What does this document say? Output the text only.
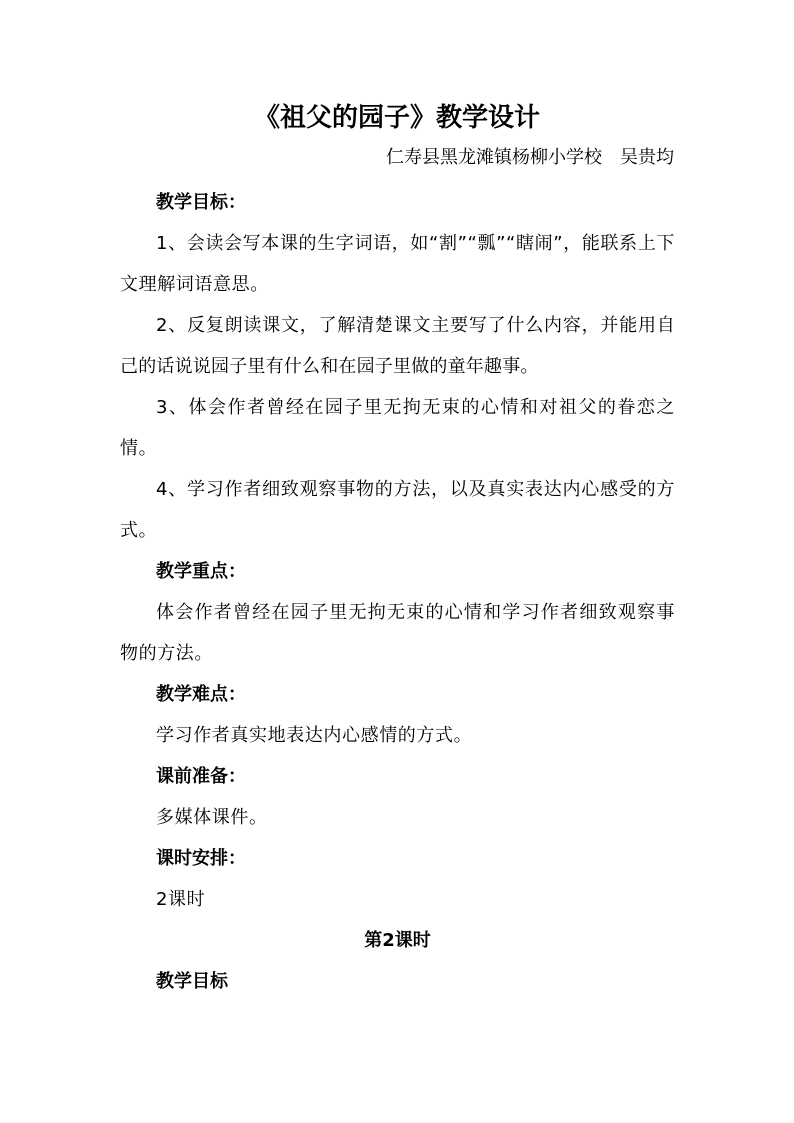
《祖父的园子》教学设计

仁寿县黑龙滩镇杨柳小学校　吴贵均

教学目标：

1、会读会写本课的生字词语，如“割”“瓢”“瞎闹”，能联系上下文理解词语意思。

2、反复朗读课文，了解清楚课文主要写了什么内容，并能用自己的话说说园子里有什么和在园子里做的童年趣事。

3、体会作者曾经在园子里无拘无束的心情和对祖父的眷恋之情。

4、学习作者细致观察事物的方法，以及真实表达内心感受的方式。

教学重点：

体会作者曾经在园子里无拘无束的心情和学习作者细致观察事物的方法。

教学难点：

学习作者真实地表达内心感情的方式。

课前准备：

多媒体课件。

课时安排：

2课时

第2课时

教学目标
